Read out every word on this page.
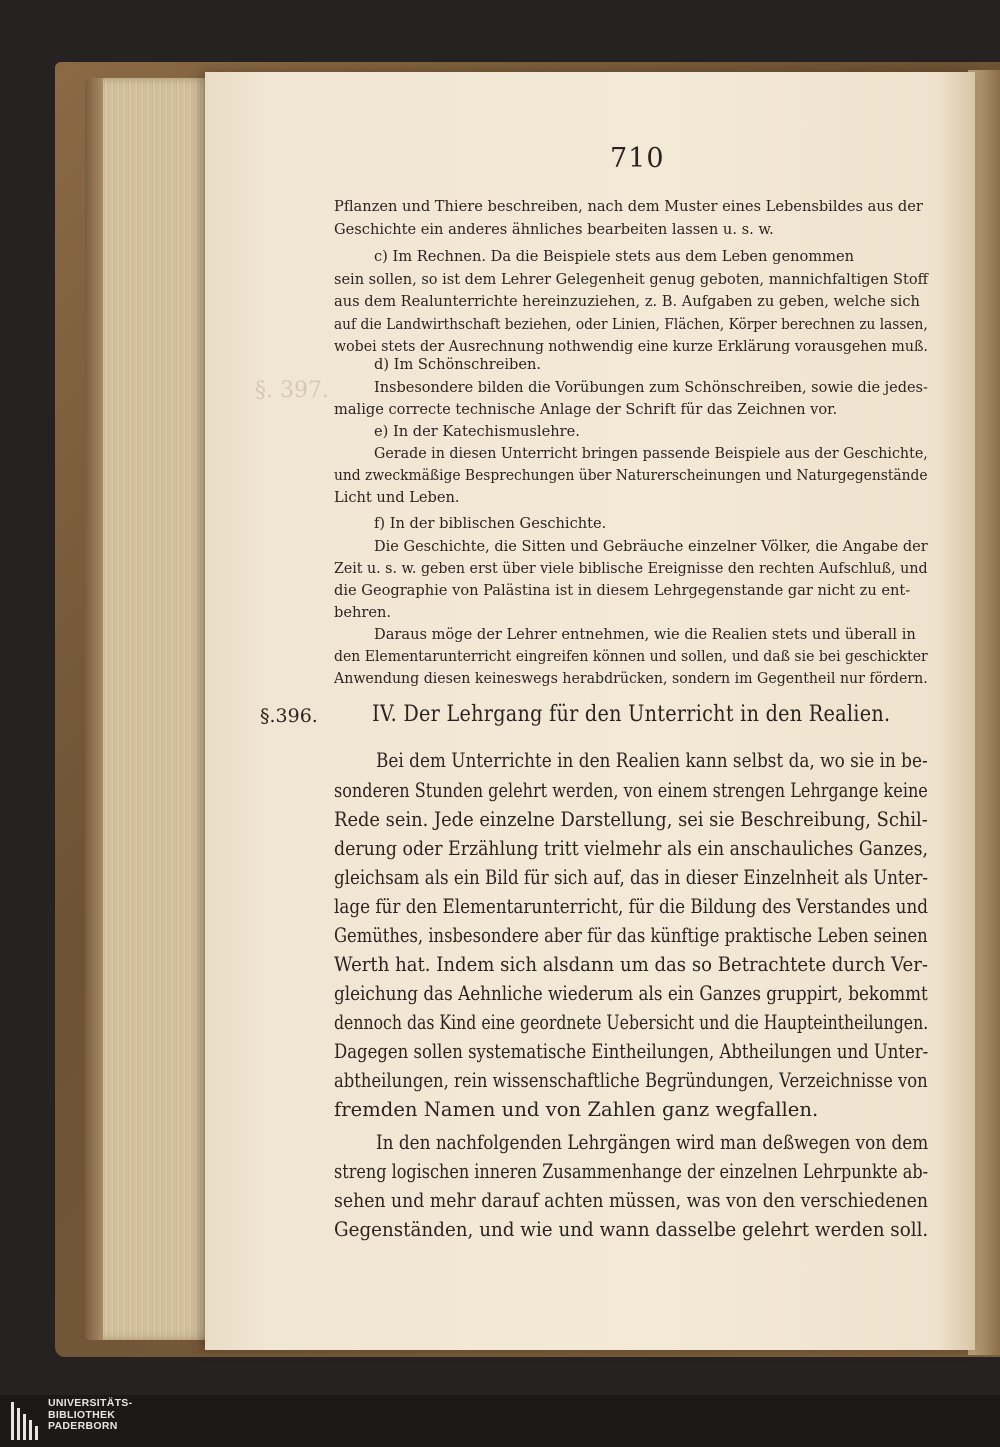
§. 397.
710
Pflanzen und Thiere beschreiben, nach dem Muster eines Lebensbildes aus der
Geschichte ein anderes ähnliches bearbeiten lassen u. s. w.
c) Im Rechnen. Da die Beispiele stets aus dem Leben genommen
sein sollen, so ist dem Lehrer Gelegenheit genug geboten, mannichfaltigen Stoff
aus dem Realunterrichte hereinzuziehen, z. B. Aufgaben zu geben, welche sich
auf die Landwirthschaft beziehen, oder Linien, Flächen, Körper berechnen zu lassen,
wobei stets der Ausrechnung nothwendig eine kurze Erklärung vorausgehen muß.
d) Im Schönschreiben.
Insbesondere bilden die Vorübungen zum Schönschreiben, sowie die jedes-
malige correcte technische Anlage der Schrift für das Zeichnen vor.
e) In der Katechismuslehre.
Gerade in diesen Unterricht bringen passende Beispiele aus der Geschichte,
und zweckmäßige Besprechungen über Naturerscheinungen und Naturgegenstände
Licht und Leben.
f) In der biblischen Geschichte.
Die Geschichte, die Sitten und Gebräuche einzelner Völker, die Angabe der
Zeit u. s. w. geben erst über viele biblische Ereignisse den rechten Aufschluß, und
die Geographie von Palästina ist in diesem Lehrgegenstande gar nicht zu ent-
behren.
Daraus möge der Lehrer entnehmen, wie die Realien stets und überall in
den Elementarunterricht eingreifen können und sollen, und daß sie bei geschickter
Anwendung diesen keineswegs herabdrücken, sondern im Gegentheil nur fördern.
§.396. IV. Der Lehrgang für den Unterricht in den Realien.
Bei dem Unterrichte in den Realien kann selbst da, wo sie in be-
sonderen Stunden gelehrt werden, von einem strengen Lehrgange keine
Rede sein. Jede einzelne Darstellung, sei sie Beschreibung, Schil-
derung oder Erzählung tritt vielmehr als ein anschauliches Ganzes,
gleichsam als ein Bild für sich auf, das in dieser Einzelnheit als Unter-
lage für den Elementarunterricht, für die Bildung des Verstandes und
Gemüthes, insbesondere aber für das künftige praktische Leben seinen
Werth hat. Indem sich alsdann um das so Betrachtete durch Ver-
gleichung das Aehnliche wiederum als ein Ganzes gruppirt, bekommt
dennoch das Kind eine geordnete Uebersicht und die Haupteintheilungen.
Dagegen sollen systematische Eintheilungen, Abtheilungen und Unter-
abtheilungen, rein wissenschaftliche Begründungen, Verzeichnisse von
fremden Namen und von Zahlen ganz wegfallen.
In den nachfolgenden Lehrgängen wird man deßwegen von dem
streng logischen inneren Zusammenhange der einzelnen Lehrpunkte ab-
sehen und mehr darauf achten müssen, was von den verschiedenen
Gegenständen, und wie und wann dasselbe gelehrt werden soll.
UNIVERSITÄTS-
BIBLIOTHEK
PADERBORN
